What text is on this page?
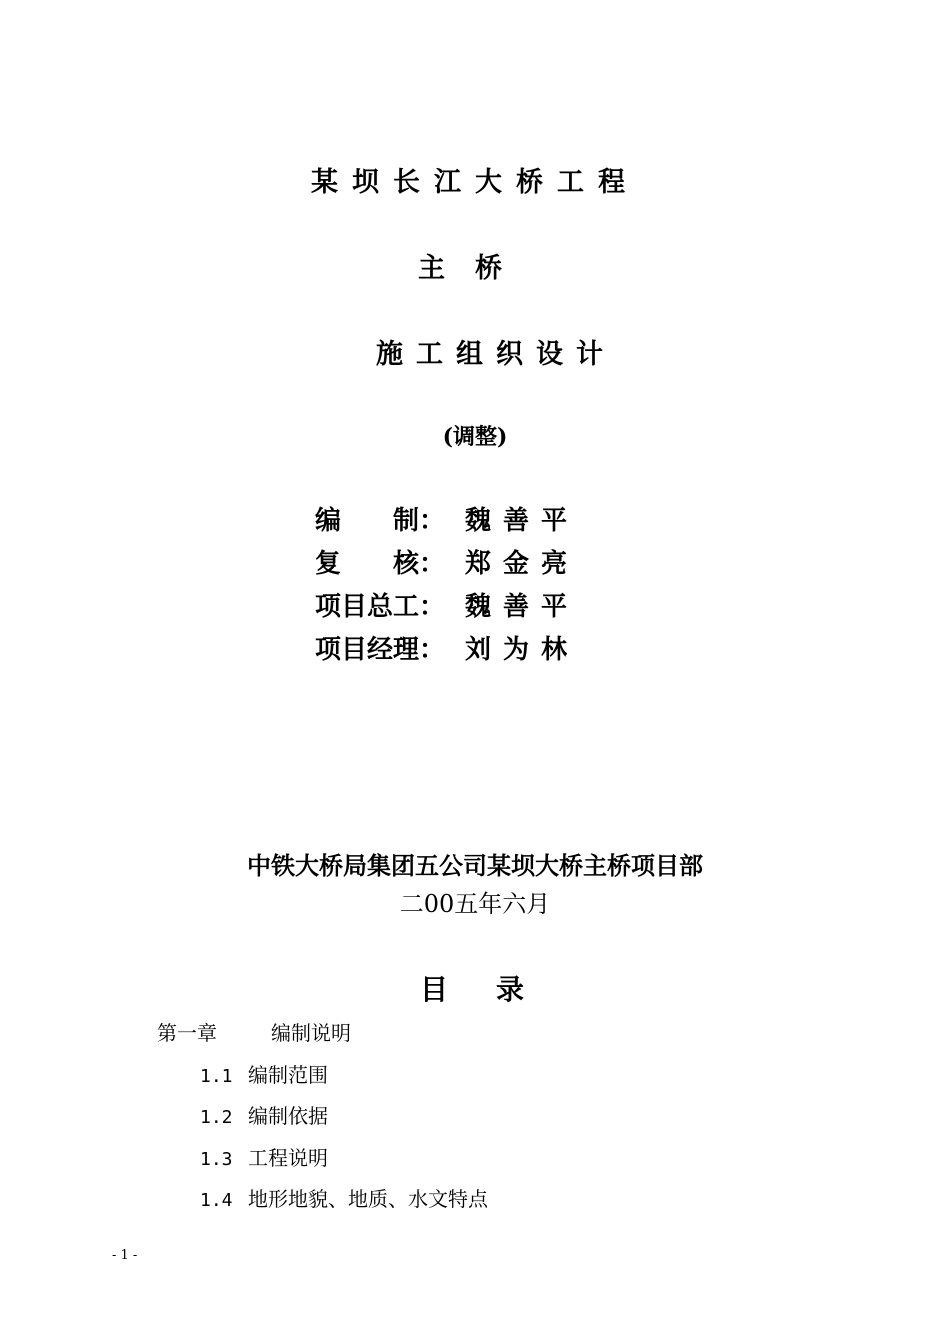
某坝长江大桥工程
主桥
施工组织设计
(调整)
编　　制： 魏善平
复　　核： 郑金亮
项目总工： 魏善平
项目经理： 刘为林
中铁大桥局集团五公司某坝大桥主桥项目部
二00五年六月
目录
第一章	编制说明
1.1 编制范围
1.2 编制依据
1.3 工程说明
1.4 地形地貌、地质、水文特点
- 1 -
